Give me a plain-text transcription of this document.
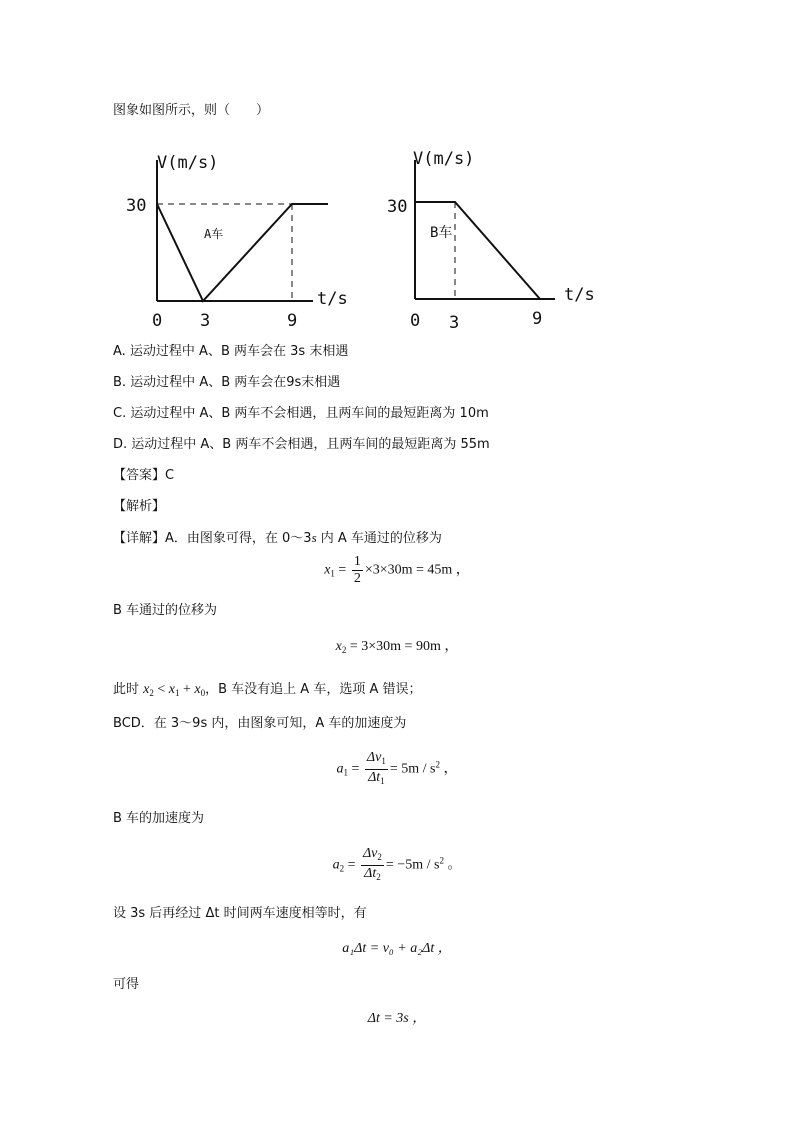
图象如图所示，则（　　）
V(m/s)
30
A车
t/s
0 3	9
V(m/s)
30
B车
t/s
0 3	9
A. 运动过程中 A、B 两车会在 3s 末相遇
B. 运动过程中 A、B 两车会在9s末相遇
C. 运动过程中 A、B 两车不会相遇，且两车间的最短距离为 10m
D. 运动过程中 A、B 两车不会相遇，且两车间的最短距离为 55m
【答案】C
【解析】
【详解】A．由图象可得，在 0～3s 内 A 车通过的位移为
$x_1 = \frac{1}{2} \times 3\times 30m = 45m$ ，
B 车通过的位移为
$x_2 = 3\times 30m = 90m$ ，
此时 $x_2 < x_1 + x_0$，B 车没有追上 A 车，选项 A 错误；
BCD．在 3～9s 内，由图象可知，A 车的加速度为
$a_1 = \frac{\Delta v_1}{\Delta t_1} = 5m / s^2$ ，
B 车的加速度为
$a_2 = \frac{\Delta v_2}{\Delta t_2} = -5m / s^2$ 。
设 3s 后再经过 Δt 时间两车速度相等时，有
a₁Δt = v₀ + a₂Δt ，
可得
Δt = 3s ，
